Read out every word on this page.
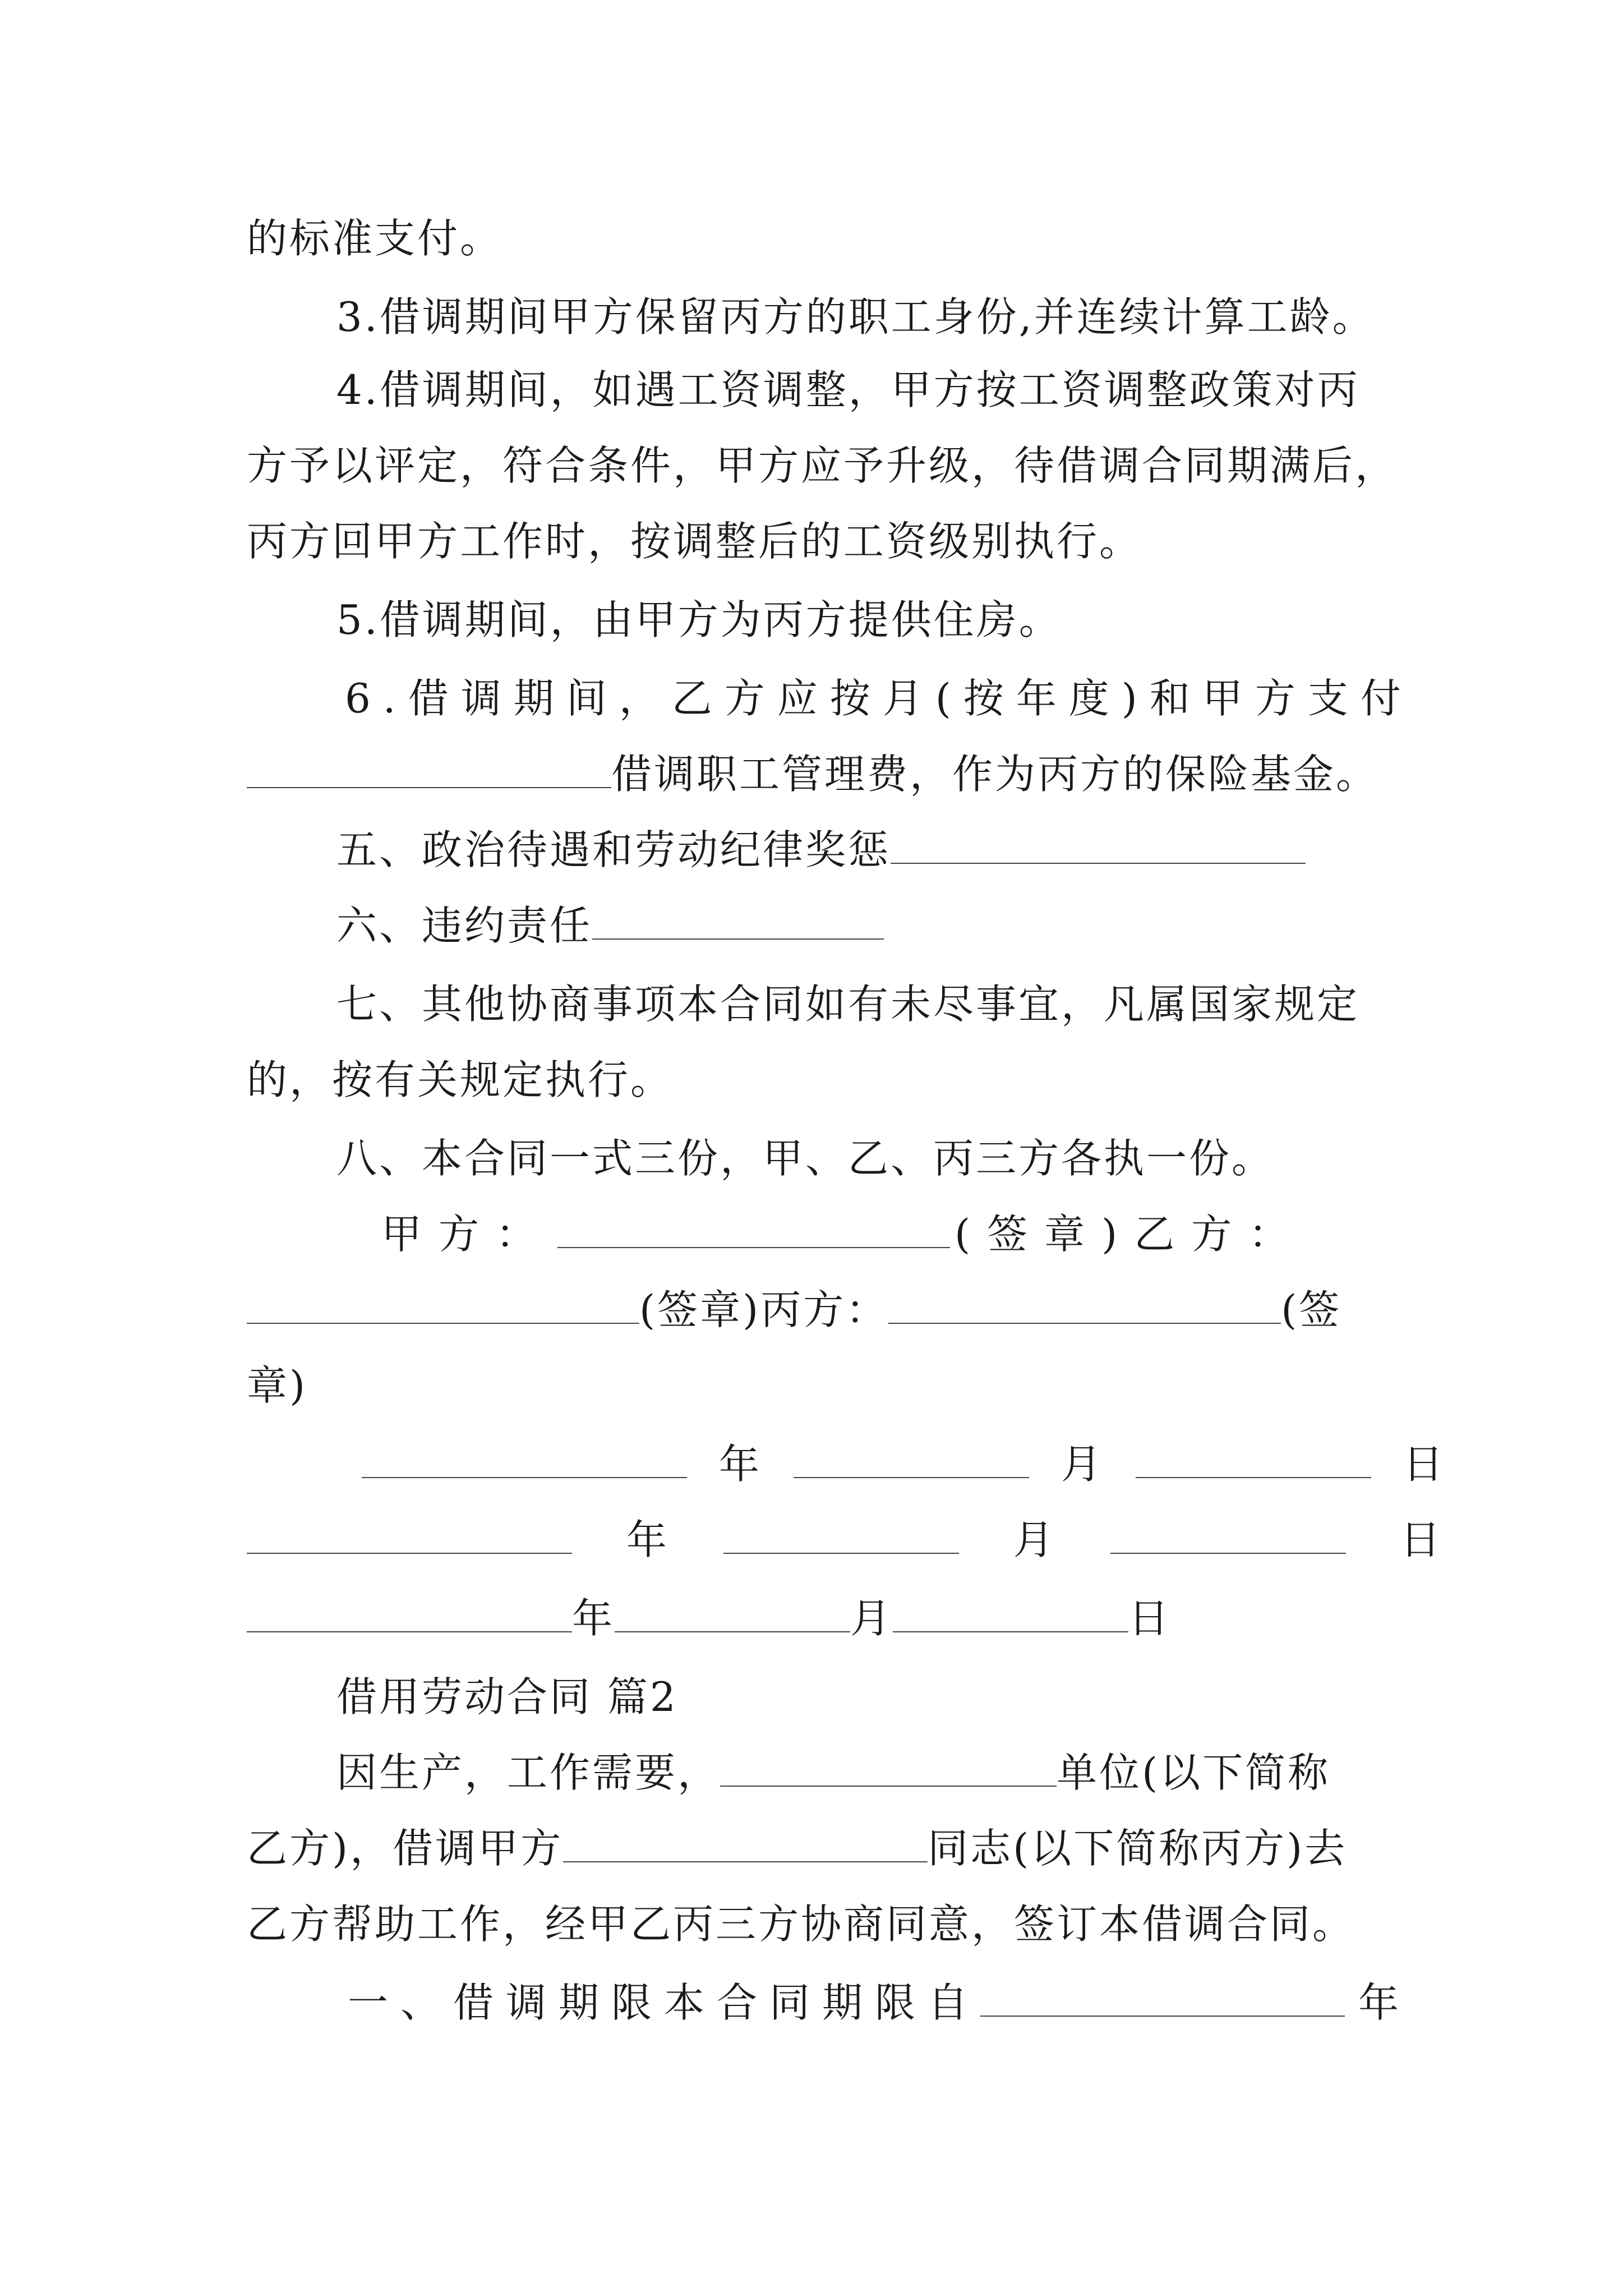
的标准支付。
3.借调期间甲方保留丙方的职工身份,并连续计算工龄。
4.借调期间，如遇工资调整，甲方按工资调整政策对丙
方予以评定，符合条件，甲方应予升级，待借调合同期满后，
丙方回甲方工作时，按调整后的工资级别执行。
5.借调期间，由甲方为丙方提供住房。
6.借调期间，乙方应按月(按年度)和甲方支付
借调职工管理费，作为丙方的保险基金。
五、政治待遇和劳动纪律奖惩
六、违约责任
七、其他协商事项本合同如有未尽事宜，凡属国家规定
的，按有关规定执行。
八、本合同一式三份，甲、乙、丙三方各执一份。
甲方：	(签章)乙方：
(签章)丙方：	(签
章)
年	月	日
年	月	日
年	月	日
借用劳动合同 篇2
因生产，工作需要，	单位(以下简称
乙方)，借调甲方	同志(以下简称丙方)去
乙方帮助工作，经甲乙丙三方协商同意，签订本借调合同。
一、借调期限本合同期限自	年
